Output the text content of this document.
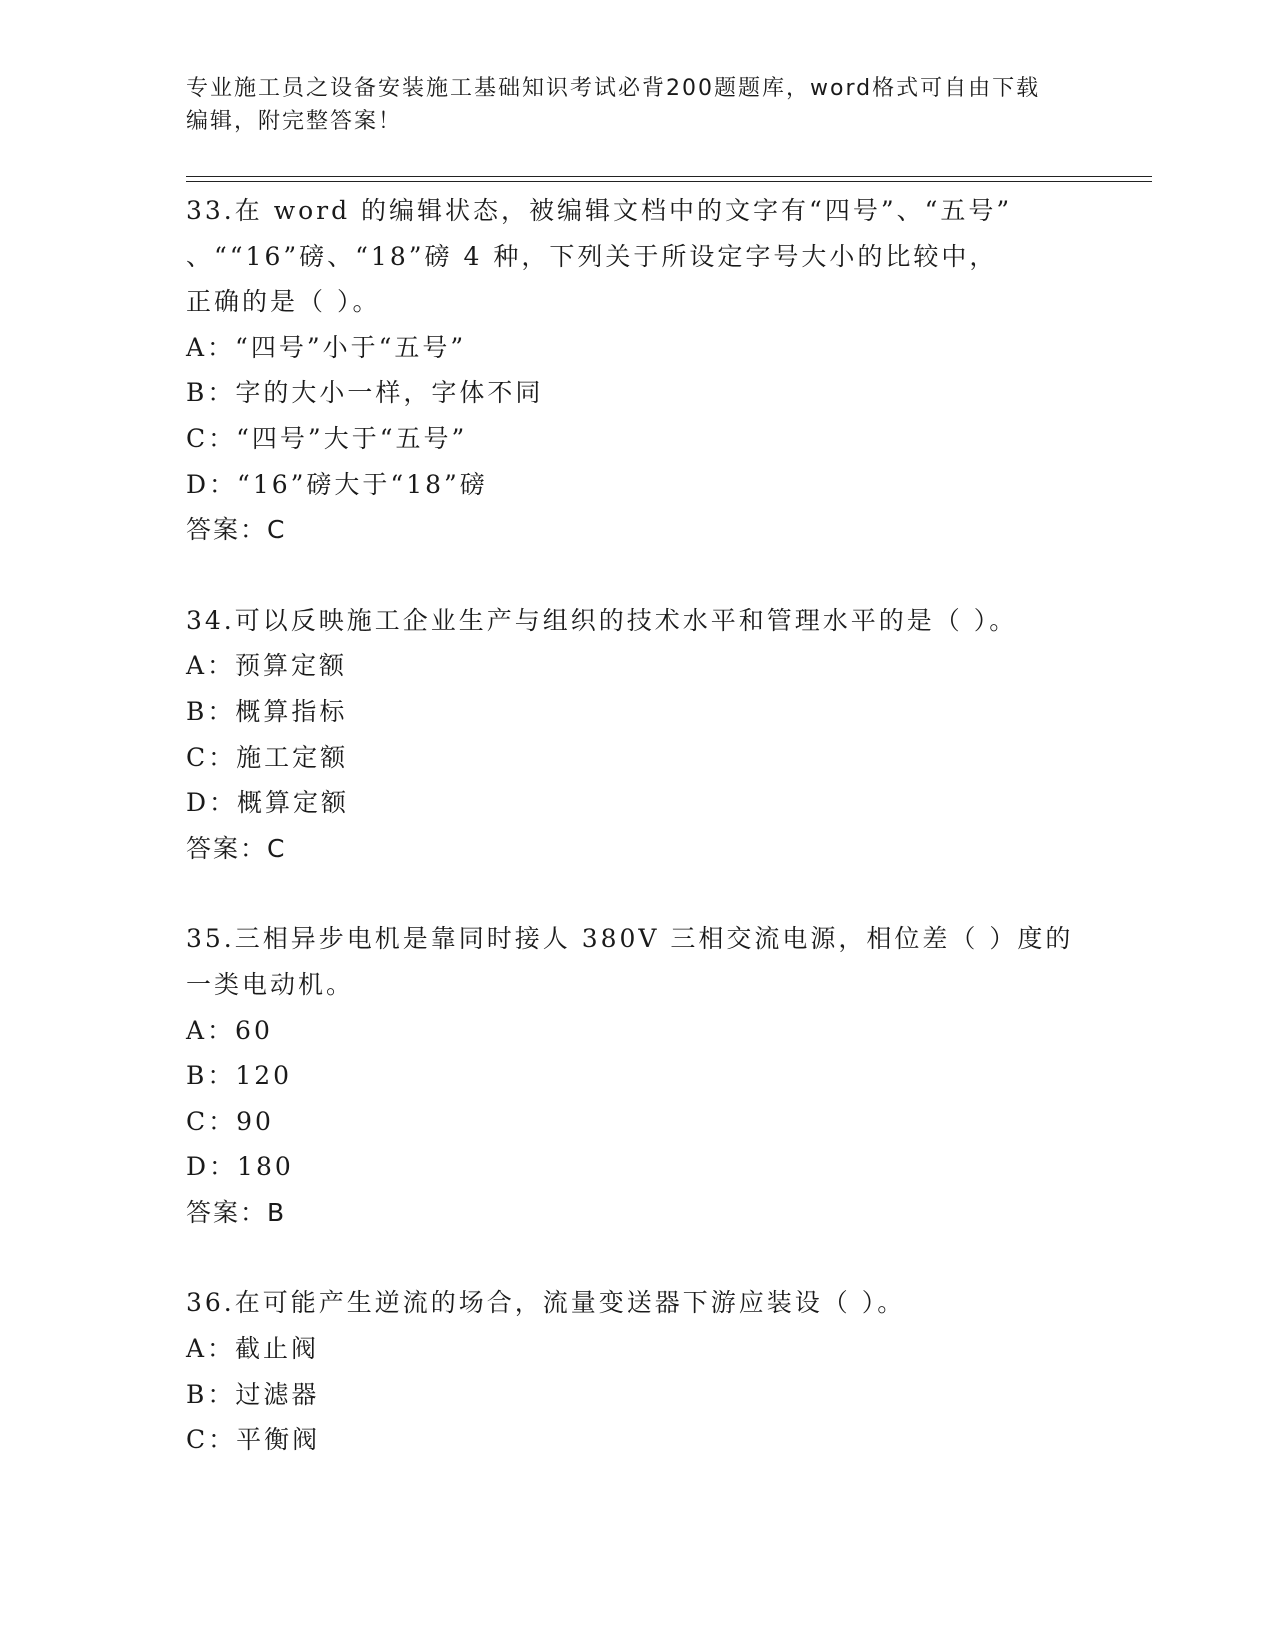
专业施工员之设备安装施工基础知识考试必背200题题库，word格式可自由下载
编辑，附完整答案！
33.在 word 的编辑状态，被编辑文档中的文字有“四号”、“五号”
、““16”磅、“18”磅 4 种，下列关于所设定字号大小的比较中，
正确的是（ ）。
A：“四号”小于“五号”
B：字的大小一样，字体不同
C：“四号”大于“五号”
D：“16”磅大于“18”磅
答案：C
34.可以反映施工企业生产与组织的技术水平和管理水平的是（ ）。
A：预算定额
B：概算指标
C：施工定额
D：概算定额
答案：C
35.三相异步电机是靠同时接人 380V 三相交流电源，相位差（ ）度的
一类电动机。
A：60
B：120
C：90
D：180
答案：B
36.在可能产生逆流的场合，流量变送器下游应装设（ ）。
A：截止阀
B：过滤器
C：平衡阀
